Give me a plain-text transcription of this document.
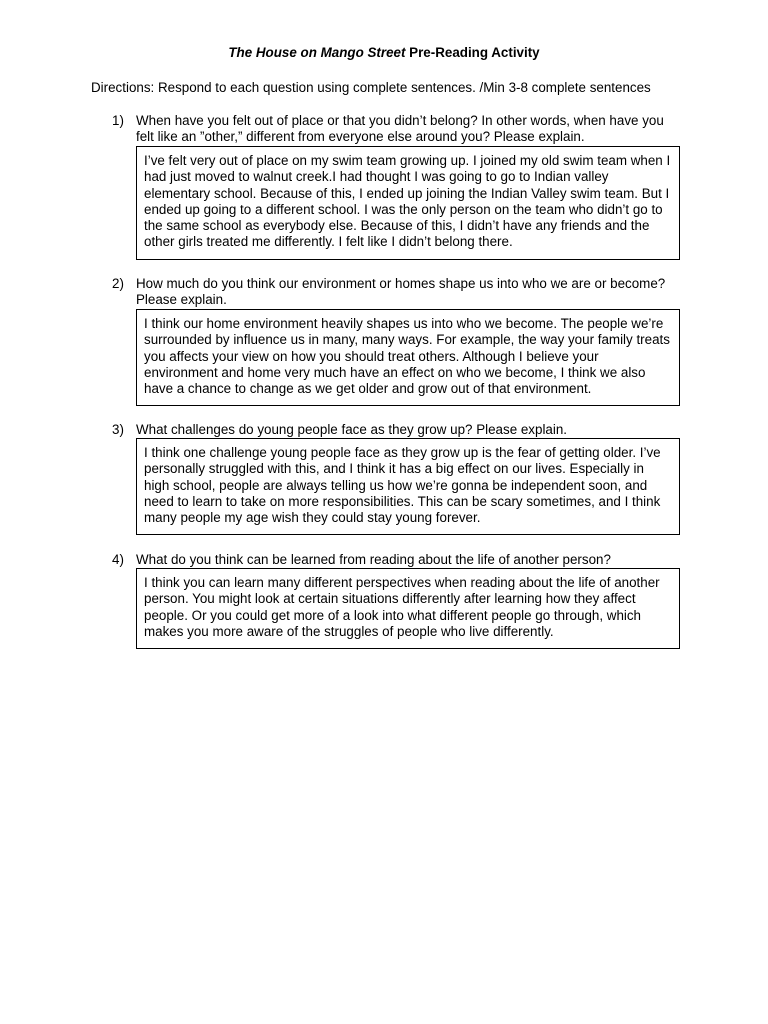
The House on Mango Street Pre-Reading Activity
Directions: Respond to each question using complete sentences. /Min 3-8 complete sentences
1) When have you felt out of place or that you didn’t belong? In other words, when have you felt like an ”other,” different from everyone else around you? Please explain.
I’ve felt very out of place on my swim team growing up. I joined my old swim team when I had just moved to walnut creek.I had thought I was going to go to Indian valley elementary school. Because of this, I ended up joining the Indian Valley swim team. But I ended up going to a different school. I was the only person on the team who didn’t go to the same school as everybody else. Because of this, I didn’t have any friends and the other girls treated me differently. I felt like I didn’t belong there.
2) How much do you think our environment or homes shape us into who we are or become? Please explain.
I think our home environment heavily shapes us into who we become. The people we’re surrounded by influence us in many, many ways. For example, the way your family treats you affects your view on how you should treat others. Although I believe your environment and home very much have an effect on who we become, I think we also have a chance to change as we get older and grow out of that environment.
3) What challenges do young people face as they grow up? Please explain.
I think one challenge young people face as they grow up is the fear of getting older. I’ve personally struggled with this, and I think it has a big effect on our lives. Especially in high school, people are always telling us how we’re gonna be independent soon, and need to learn to take on more responsibilities. This can be scary sometimes, and I think many people my age wish they could stay young forever.
4) What do you think can be learned from reading about the life of another person?
I think you can learn many different perspectives when reading about the life of another person. You might look at certain situations differently after learning how they affect people. Or you could get more of a look into what different people go through, which makes you more aware of the struggles of people who live differently.
